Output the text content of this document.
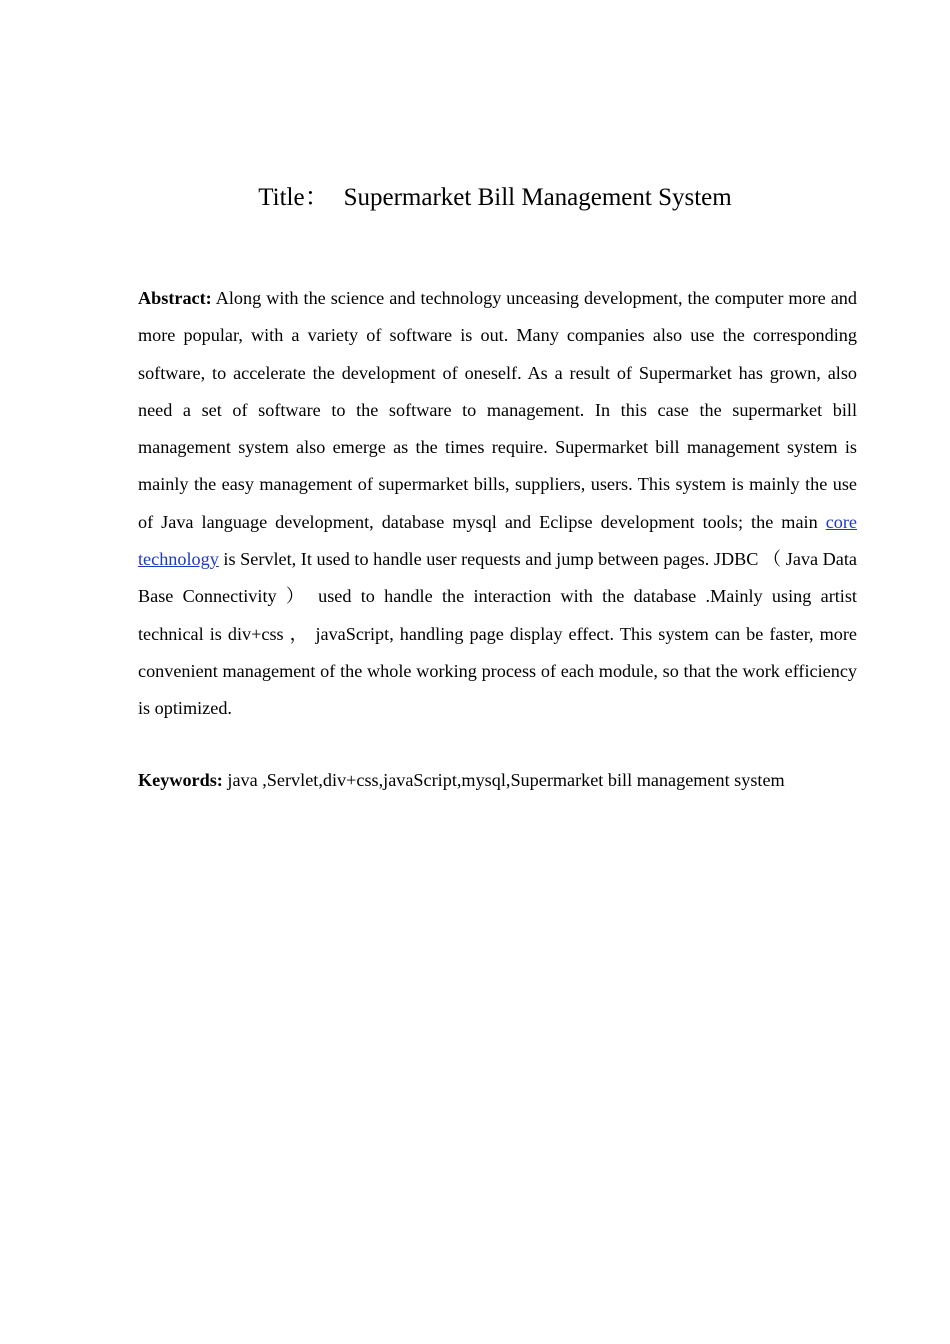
Title： Supermarket Bill Management System

Abstract: Along with the science and technology unceasing development, the computer more and more popular, with a variety of software is out. Many companies also use the corresponding software, to accelerate the development of oneself. As a result of Supermarket has grown, also need a set of software to the software to management. In this case the supermarket bill management system also emerge as the times require. Supermarket bill management system is mainly the easy management of supermarket bills, suppliers, users. This system is mainly the use of Java language development, database mysql and Eclipse development tools; the main core technology is Servlet, It used to handle user requests and jump between pages. JDBC （ Java Data Base Connectivity ） used to handle the interaction with the database .Mainly using artist technical is div+css ， javaScript, handling page display effect. This system can be faster, more convenient management of the whole working process of each module, so that the work efficiency is optimized.

Keywords: java ,Servlet,div+css,javaScript,mysql,Supermarket bill management system
